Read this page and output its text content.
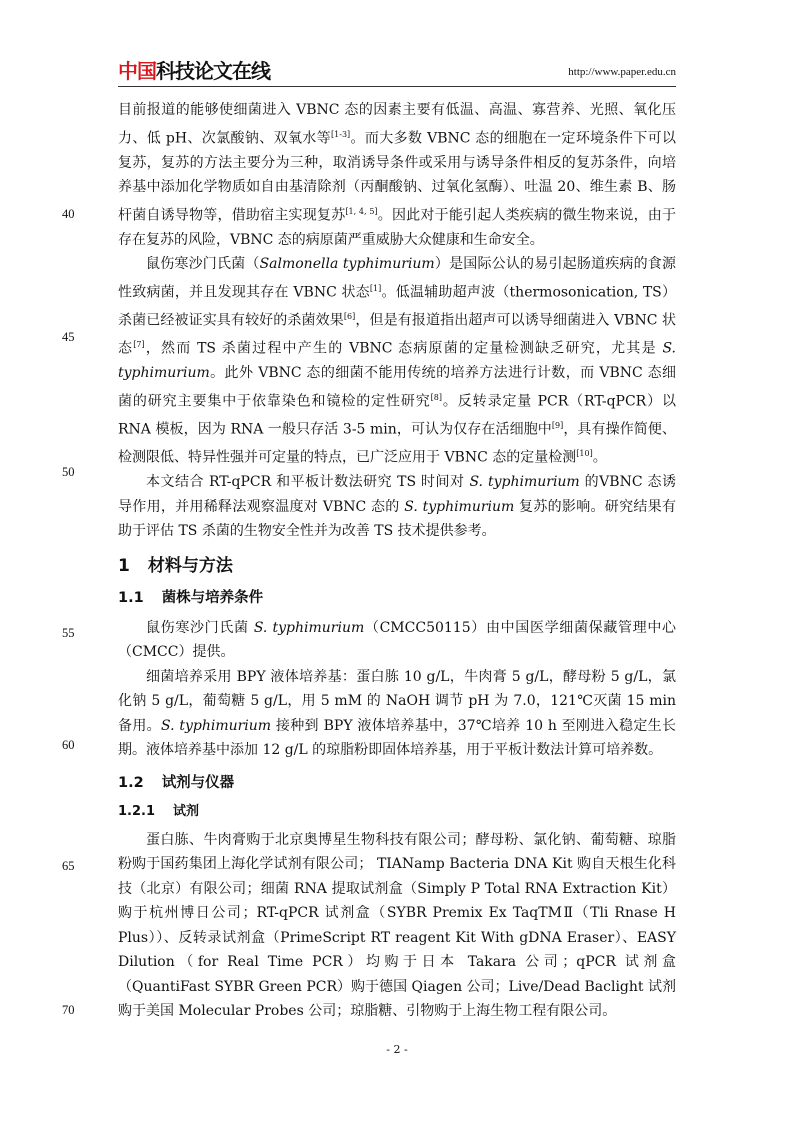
中国科技论文在线	http://www.paper.edu.cn
40
45
50
55
60
65
70

目前报道的能够使细菌进入 VBNC 态的因素主要有低温、高温、寡营养、光照、氧化压力、低 pH、次氯酸钠、双氧水等[1-3]。而大多数 VBNC 态的细胞在一定环境条件下可以复苏，复苏的方法主要分为三种，取消诱导条件或采用与诱导条件相反的复苏条件，向培养基中添加化学物质如自由基清除剂（丙酮酸钠、过氧化氢酶）、吐温 20、维生素 B、肠杆菌自诱导物等，借助宿主实现复苏[1, 4, 5]。因此对于能引起人类疾病的微生物来说，由于存在复苏的风险，VBNC 态的病原菌严重威胁大众健康和生命安全。

鼠伤寒沙门氏菌（Salmonella typhimurium）是国际公认的易引起肠道疾病的食源性致病菌，并且发现其存在 VBNC 状态[1]。低温辅助超声波（thermosonication, TS） 杀菌已经被证实具有较好的杀菌效果[6]，但是有报道指出超声可以诱导细菌进入 VBNC 状态[7]，然而 TS 杀菌过程中产生的 VBNC 态病原菌的定量检测缺乏研究，尤其是 S. typhimurium。此外 VBNC 态的细菌不能用传统的培养方法进行计数，而 VBNC 态细菌的研究主要集中于依靠染色和镜检的定性研究[8]。反转录定量 PCR（RT-qPCR）以 RNA 模板，因为 RNA 一般只存活 3-5 min，可认为仅存在活细胞中[9]，具有操作简便、检测限低、特异性强并可定量的特点，已广泛应用于 VBNC 态的定量检测[10]。

本文结合 RT-qPCR 和平板计数法研究 TS 时间对 S. typhimurium 的VBNC 态诱导作用，并用稀释法观察温度对 VBNC 态的 S. typhimurium 复苏的影响。研究结果有助于评估 TS 杀菌的生物安全性并为改善 TS 技术提供参考。

1 材料与方法
1.1 菌株与培养条件

鼠伤寒沙门氏菌 S. typhimurium（CMCC50115）由中国医学细菌保藏管理中心（CMCC）提供。

细菌培养采用 BPY 液体培养基：蛋白胨 10 g/L，牛肉膏 5 g/L，酵母粉 5 g/L，氯化钠 5 g/L，葡萄糖 5 g/L，用 5 mM 的 NaOH 调节 pH 为 7.0，121℃灭菌 15 min 备用。S. typhimurium 接种到 BPY 液体培养基中，37℃培养 10 h 至刚进入稳定生长期。液体培养基中添加 12 g/L 的琼脂粉即固体培养基，用于平板计数法计算可培养数。

1.2 试剂与仪器
1.2.1 试剂

蛋白胨、牛肉膏购于北京奥博星生物科技有限公司；酵母粉、氯化钠、葡萄糖、琼脂粉购于国药集团上海化学试剂有限公司； TIANamp Bacteria DNA Kit 购自天根生化科技（北京）有限公司；细菌 RNA 提取试剂盒（Simply P Total RNA Extraction Kit）购于杭州博日公司；RT-qPCR 试剂盒（SYBR Premix Ex TaqTMⅡ（Tli Rnase H Plus））、反转录试剂盒（PrimeScript RT reagent Kit With gDNA Eraser）、EASY Dilution（for Real Time PCR）均购于日本 Takara 公司；qPCR 试剂盒（QuantiFast SYBR Green PCR）购于德国 Qiagen 公司；Live/Dead Baclight 试剂购于美国 Molecular Probes 公司；琼脂糖、引物购于上海生物工程有限公司。

- 2 -
